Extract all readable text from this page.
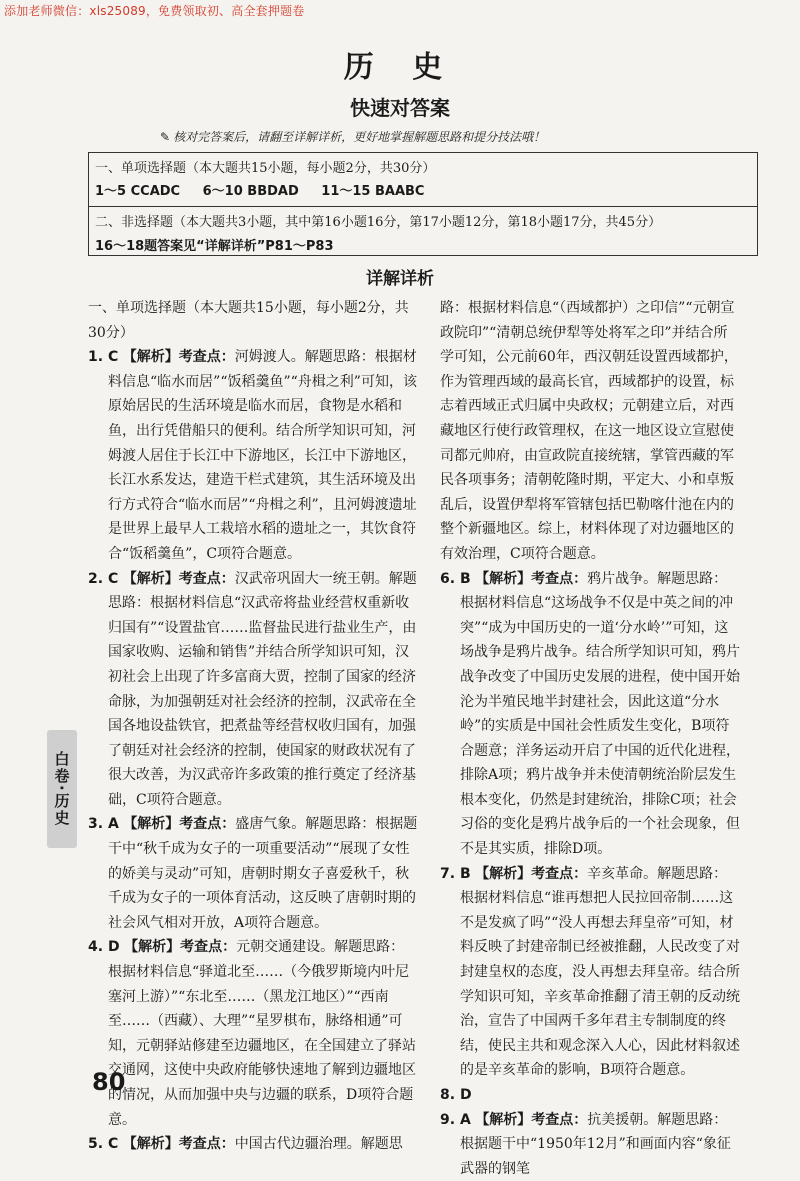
添加老师微信：xls25089，免费领取初、高全套押题卷
历 史
快速对答案
✎ 核对完答案后，请翻至详解详析，更好地掌握解题思路和提分技法哦！
一、单项选择题（本大题共15小题，每小题2分，共30分）
1～5 CCADC 6～10 BBDAD 11～15 BAABC
二、非选择题（本大题共3小题，其中第16小题16分，第17小题12分，第18小题17分，共45分）
16～18题答案见“详解详析”P81～P83
详解详析
一、单项选择题（本大题共15小题，每小题2分，共30分）
1. C 【解析】考查点：河姆渡人。解题思路：根据材料信息“临水而居”“饭稻羹鱼”“舟楫之利”可知，该原始居民的生活环境是临水而居，食物是水稻和鱼，出行凭借船只的便利。结合所学知识可知，河姆渡人居住于长江中下游地区，长江中下游地区，长江水系发达，建造干栏式建筑，其生活环境及出行方式符合“临水而居”“舟楫之利”，且河姆渡遗址是世界上最早人工栽培水稻的遗址之一，其饮食符合“饭稻羹鱼”，C项符合题意。
2. C 【解析】考查点：汉武帝巩固大一统王朝。解题思路：根据材料信息“汉武帝将盐业经营权重新收归国有”“设置盐官……监督盐民进行盐业生产，由国家收购、运输和销售”并结合所学知识可知，汉初社会上出现了许多富商大贾，控制了国家的经济命脉，为加强朝廷对社会经济的控制，汉武帝在全国各地设盐铁官，把煮盐等经营权收归国有，加强了朝廷对社会经济的控制，使国家的财政状况有了很大改善，为汉武帝许多政策的推行奠定了经济基础，C项符合题意。
3. A 【解析】考查点：盛唐气象。解题思路：根据题干中“秋千成为女子的一项重要活动”“展现了女性的娇美与灵动”可知，唐朝时期女子喜爱秋千，秋千成为女子的一项体育活动，这反映了唐朝时期的社会风气相对开放，A项符合题意。
4. D 【解析】考查点：元朝交通建设。解题思路：根据材料信息“驿道北至……（今俄罗斯境内叶尼塞河上游）”“东北至……（黑龙江地区）”“西南至……（西藏）、大理”“星罗棋布，脉络相通”可知，元朝驿站修建至边疆地区，在全国建立了驿站交通网，这使中央政府能够快速地了解到边疆地区的情况，从而加强中央与边疆的联系，D项符合题意。
5. C 【解析】考查点：中国古代边疆治理。解题思
路：根据材料信息“（西域都护）之印信”“元朝宣政院印”“清朝总统伊犁等处将军之印”并结合所学可知，公元前60年，西汉朝廷设置西域都护，作为管理西域的最高长官，西域都护的设置，标志着西域正式归属中央政权；元朝建立后，对西藏地区行使行政管理权，在这一地区设立宣慰使司都元帅府，由宣政院直接统辖，掌管西藏的军民各项事务；清朝乾隆时期，平定大、小和卓叛乱后，设置伊犁将军管辖包括巴勒喀什池在内的整个新疆地区。综上，材料体现了对边疆地区的有效治理，C项符合题意。
6. B 【解析】考查点：鸦片战争。解题思路：根据材料信息“这场战争不仅是中英之间的冲突”“成为中国历史的一道‘分水岭’”可知，这场战争是鸦片战争。结合所学知识可知，鸦片战争改变了中国历史发展的进程，使中国开始沦为半殖民地半封建社会，因此这道“分水岭”的实质是中国社会性质发生变化，B项符合题意；洋务运动开启了中国的近代化进程，排除A项；鸦片战争并未使清朝统治阶层发生根本变化，仍然是封建统治，排除C项；社会习俗的变化是鸦片战争后的一个社会现象，但不是其实质，排除D项。
7. B 【解析】考查点：辛亥革命。解题思路：根据材料信息“谁再想把人民拉回帝制……这不是发疯了吗”“没人再想去拜皇帝”可知，材料反映了封建帝制已经被推翻，人民改变了对封建皇权的态度，没人再想去拜皇帝。结合所学知识可知，辛亥革命推翻了清王朝的反动统治，宣告了中国两千多年君主专制制度的终结，使民主共和观念深入人心，因此材料叙述的是辛亥革命的影响，B项符合题意。
8. D
9. A 【解析】考查点：抗美援朝。解题思路：根据题干中“1950年12月”和画面内容“象征武器的钢笔
白卷·历史
80
